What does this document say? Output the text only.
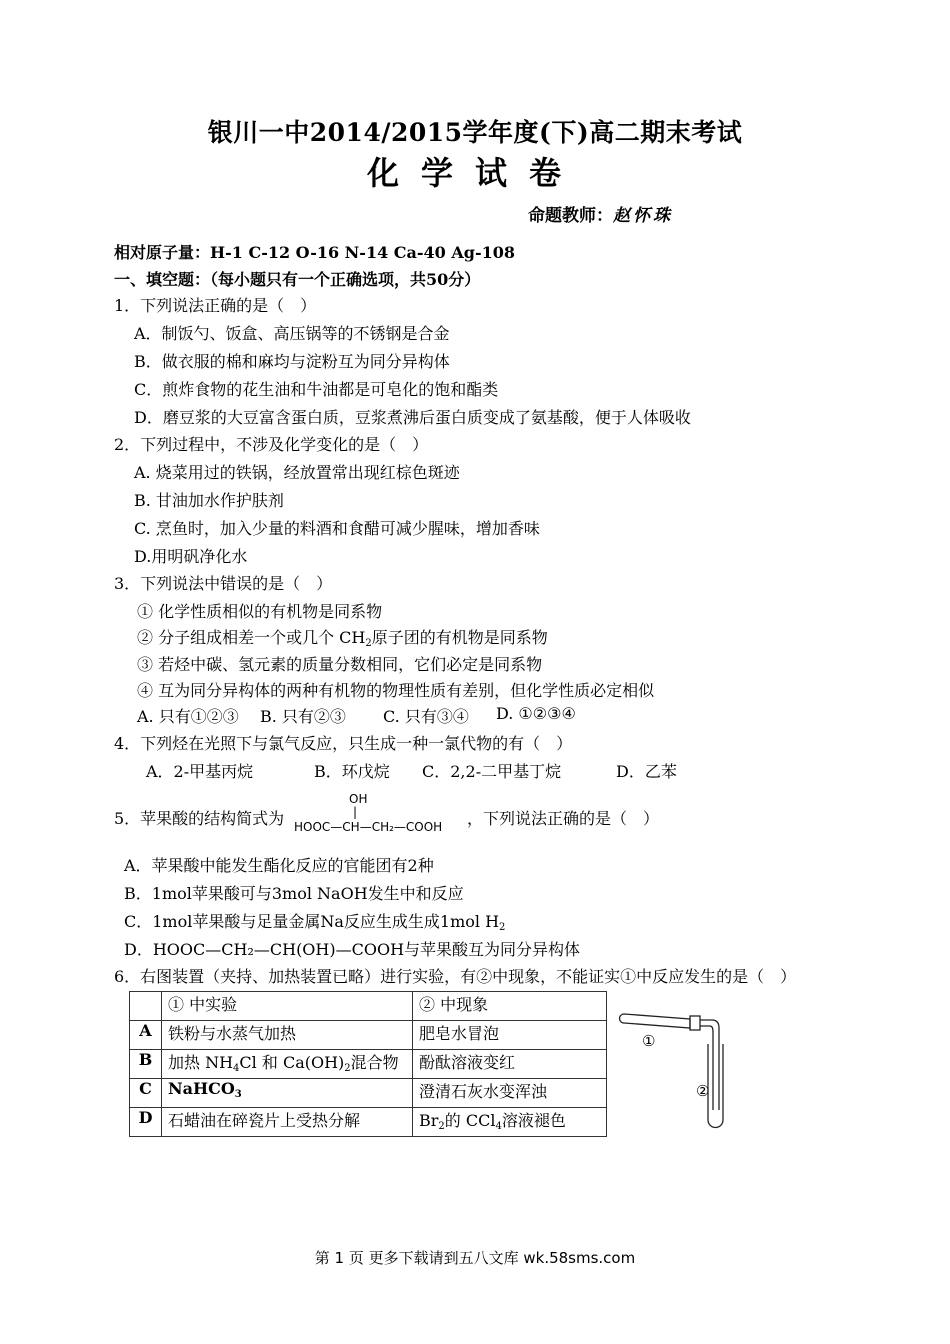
银川一中2014/2015学年度(下)高二期末考试
化学试卷
命题教师：赵怀珠
相对原子量：H-1 C-12 O-16 N-14 Ca-40 Ag-108
一、填空题：（每小题只有一个正确选项，共50分）
1．下列说法正确的是（　）
A．制饭勺、饭盒、高压锅等的不锈钢是合金
B．做衣服的棉和麻均与淀粉互为同分异构体
C．煎炸食物的花生油和牛油都是可皂化的饱和酯类
D．磨豆浆的大豆富含蛋白质，豆浆煮沸后蛋白质变成了氨基酸，便于人体吸收
2．下列过程中，不涉及化学变化的是（　）
A. 烧菜用过的铁锅，经放置常出现红棕色斑迹
B. 甘油加水作护肤剂
C. 烹鱼时，加入少量的料酒和食醋可减少腥味，增加香味
D.用明矾净化水
3．下列说法中错误的是（　）
① 化学性质相似的有机物是同系物
② 分子组成相差一个或几个 $CH_2$原子团的有机物是同系物
③ 若烃中碳、氢元素的质量分数相同，它们必定是同系物
④ 互为同分异构体的两种有机物的物理性质有差别，但化学性质必定相似
A. 只有①②③ B. 只有②③ C. 只有③④ D. ①②③④
4．下列烃在光照下与氯气反应，只生成一种一氯代物的有（　）
A．2-甲基丙烷	B．环戊烷 C．2,2-二甲基丁烷	D．乙苯
5．苹果酸的结构简式为
OH
|
HOOC—CH—CH₂—COOH ，下列说法正确的是（　）
A．苹果酸中能发生酯化反应的官能团有2种
B．1mol苹果酸可与3mol NaOH发生中和反应
C．1mol苹果酸与足量金属Na反应生成生成1mol $H_2$
D．HOOC—CH₂—CH(OH)—COOH与苹果酸互为同分异构体
6．右图装置（夹持、加热装置已略）进行实验，有②中现象，不能证实①中反应发生的是（　）
	① 中实验	② 中现象
A	铁粉与水蒸气加热	肥皂水冒泡
B	加热 $NH_4Cl$ 和 $Ca(OH)_2$混合物	酚酞溶液变红
C	NaHCO$_3$	澄清石灰水变浑浊
D	石蜡油在碎瓷片上受热分解	$Br_2$的 CCl$_4$溶液褪色
①
②
第 1 页 更多下载请到五八文库 wk.58sms.com
